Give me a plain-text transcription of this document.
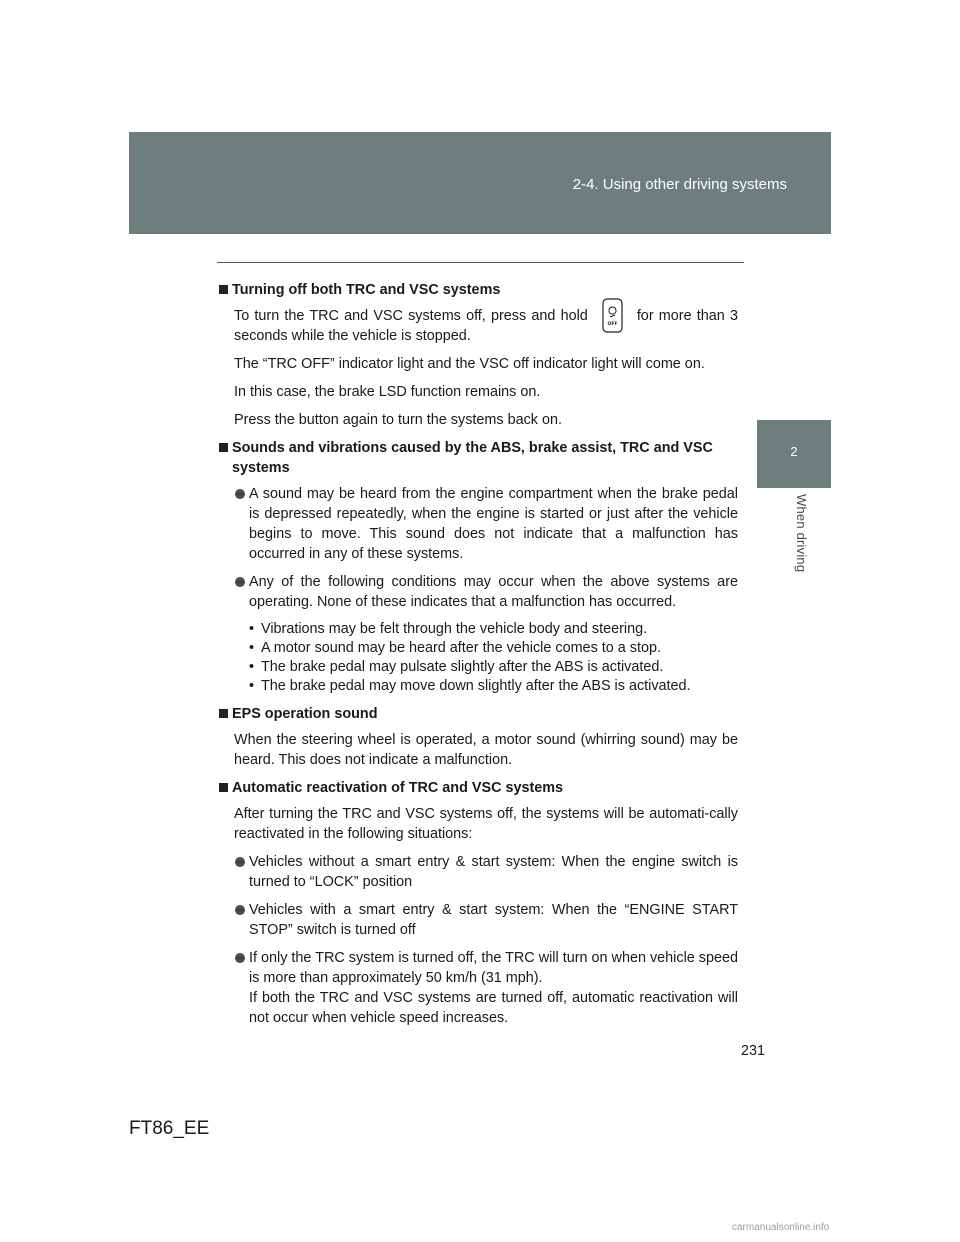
2-4. Using other driving systems
2
When driving
Turning off both TRC and VSC systems

To turn the TRC and VSC systems off, press and hold
OFF
for more than 3 seconds while the vehicle is stopped.

The “TRC OFF” indicator light and the VSC off indicator light will come on.

In this case, the brake LSD function remains on.

Press the button again to turn the systems back on.

Sounds and vibrations caused by the ABS, brake assist, TRC and VSC systems
A sound may be heard from the engine compartment when the brake pedal is depressed repeatedly, when the engine is started or just after the vehicle begins to move. This sound does not indicate that a malfunction has occurred in any of these systems.
Any of the following conditions may occur when the above systems are operating. None of these indicates that a malfunction has occurred.
• Vibrations may be felt through the vehicle body and steering.
• A motor sound may be heard after the vehicle comes to a stop.
• The brake pedal may pulsate slightly after the ABS is activated.
• The brake pedal may move down slightly after the ABS is activated.
EPS operation sound

When the steering wheel is operated, a motor sound (whirring sound) may be heard. This does not indicate a malfunction.

Automatic reactivation of TRC and VSC systems

After turning the TRC and VSC systems off, the systems will be automati-cally reactivated in the following situations:

Vehicles without a smart entry & start system: When the engine switch is turned to “LOCK” position
Vehicles with a smart entry & start system: When the “ENGINE START STOP” switch is turned off
If only the TRC system is turned off, the TRC will turn on when vehicle speed is more than approximately 50 km/h (31 mph).
If both the TRC and VSC systems are turned off, automatic reactivation will not occur when vehicle speed increases.
231
FT86_EE
carmanualsonline.info
